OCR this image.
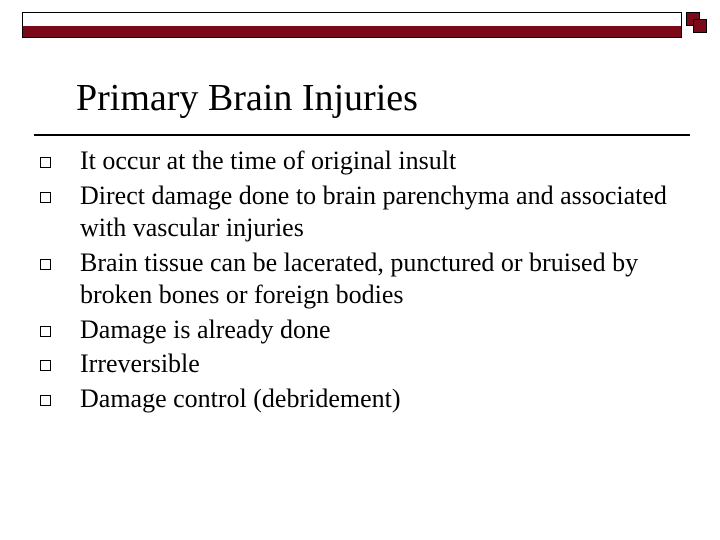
Primary Brain Injuries
It occur at the time of original insult
Direct damage done to brain parenchyma and associated with vascular injuries
Brain tissue can be lacerated, punctured or bruised by broken bones or foreign bodies
Damage is already done
Irreversible
Damage control (debridement)
